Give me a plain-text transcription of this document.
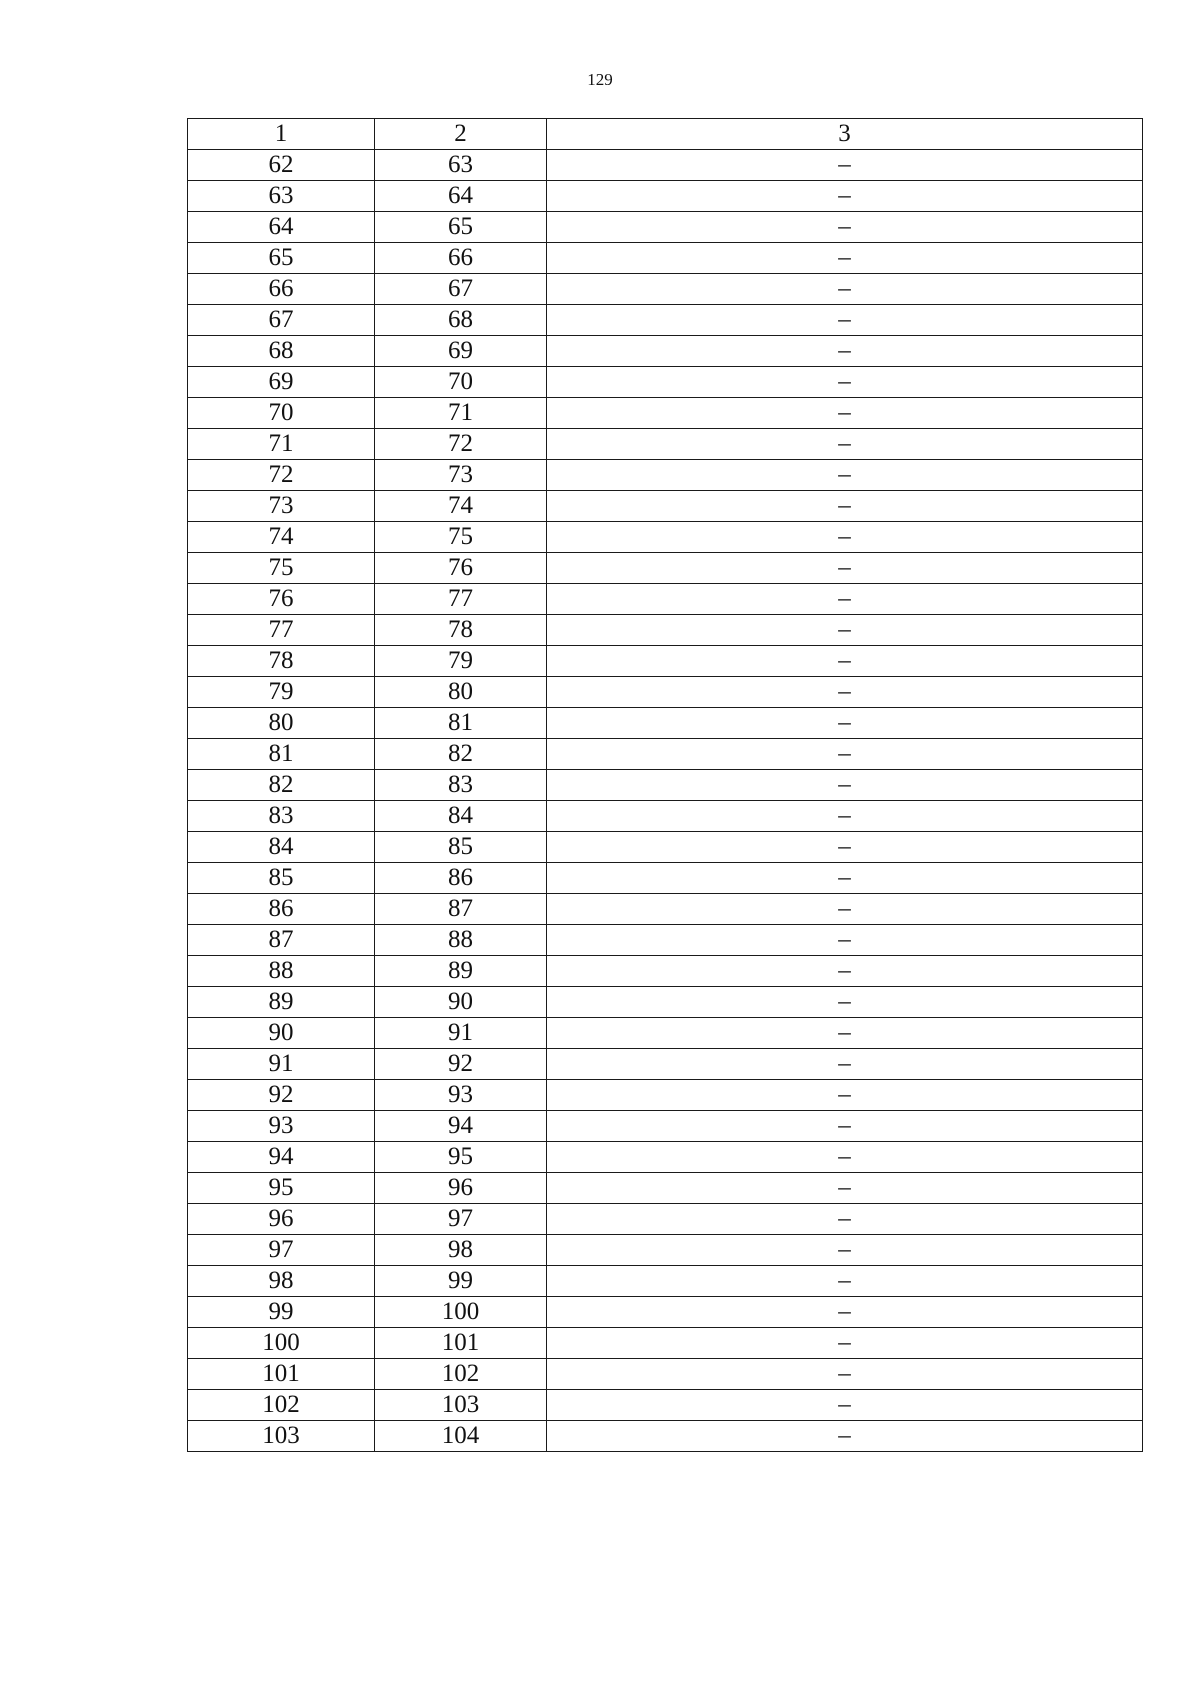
129
1	2	3
62	63	–
63	64	–
64	65	–
65	66	–
66	67	–
67	68	–
68	69	–
69	70	–
70	71	–
71	72	–
72	73	–
73	74	–
74	75	–
75	76	–
76	77	–
77	78	–
78	79	–
79	80	–
80	81	–
81	82	–
82	83	–
83	84	–
84	85	–
85	86	–
86	87	–
87	88	–
88	89	–
89	90	–
90	91	–
91	92	–
92	93	–
93	94	–
94	95	–
95	96	–
96	97	–
97	98	–
98	99	–
99	100	–
100	101	–
101	102	–
102	103	–
103	104	–
